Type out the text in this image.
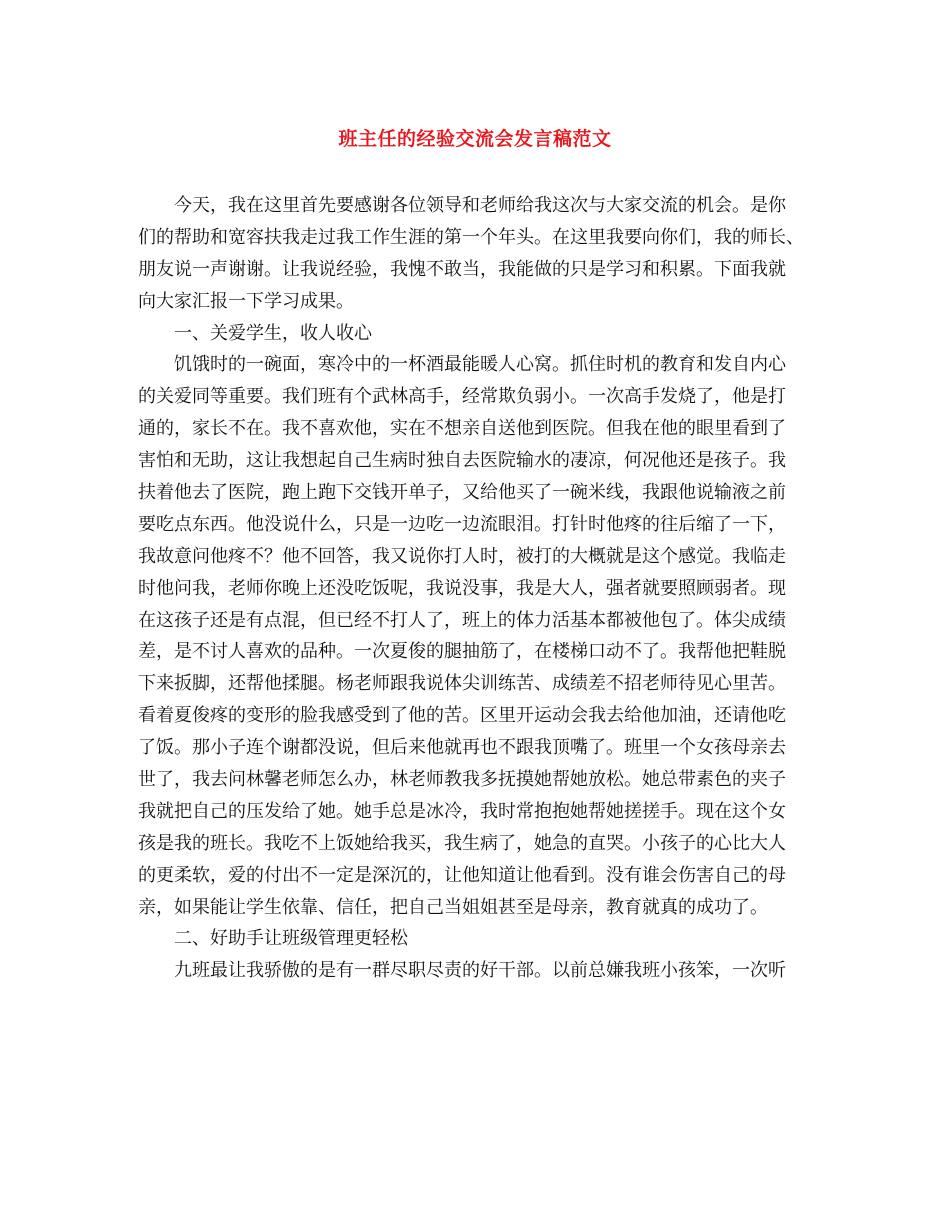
班主任的经验交流会发言稿范文
今天，我在这里首先要感谢各位领导和老师给我这次与大家交流的机会。是你
们的帮助和宽容扶我走过我工作生涯的第一个年头。在这里我要向你们，我的师长、
朋友说一声谢谢。让我说经验，我愧不敢当，我能做的只是学习和积累。下面我就
向大家汇报一下学习成果。
一、关爱学生，收人收心
饥饿时的一碗面，寒冷中的一杯酒最能暖人心窝。抓住时机的教育和发自内心
的关爱同等重要。我们班有个武林高手，经常欺负弱小。一次高手发烧了，他是打
通的，家长不在。我不喜欢他，实在不想亲自送他到医院。但我在他的眼里看到了
害怕和无助，这让我想起自己生病时独自去医院输水的凄凉，何况他还是孩子。我
扶着他去了医院，跑上跑下交钱开单子，又给他买了一碗米线，我跟他说输液之前
要吃点东西。他没说什么，只是一边吃一边流眼泪。打针时他疼的往后缩了一下，
我故意问他疼不？他不回答，我又说你打人时，被打的大概就是这个感觉。我临走
时他问我，老师你晚上还没吃饭呢，我说没事，我是大人，强者就要照顾弱者。现
在这孩子还是有点混，但已经不打人了，班上的体力活基本都被他包了。体尖成绩
差，是不讨人喜欢的品种。一次夏俊的腿抽筋了，在楼梯口动不了。我帮他把鞋脱
下来扳脚，还帮他揉腿。杨老师跟我说体尖训练苦、成绩差不招老师待见心里苦。
看着夏俊疼的变形的脸我感受到了他的苦。区里开运动会我去给他加油，还请他吃
了饭。那小子连个谢都没说，但后来他就再也不跟我顶嘴了。班里一个女孩母亲去
世了，我去问林馨老师怎么办，林老师教我多抚摸她帮她放松。她总带素色的夹子
我就把自己的压发给了她。她手总是冰冷，我时常抱抱她帮她搓搓手。现在这个女
孩是我的班长。我吃不上饭她给我买，我生病了，她急的直哭。小孩子的心比大人
的更柔软，爱的付出不一定是深沉的，让他知道让他看到。没有谁会伤害自己的母
亲，如果能让学生依靠、信任，把自己当姐姐甚至是母亲，教育就真的成功了。
二、好助手让班级管理更轻松
九班最让我骄傲的是有一群尽职尽责的好干部。以前总嫌我班小孩笨，一次听
